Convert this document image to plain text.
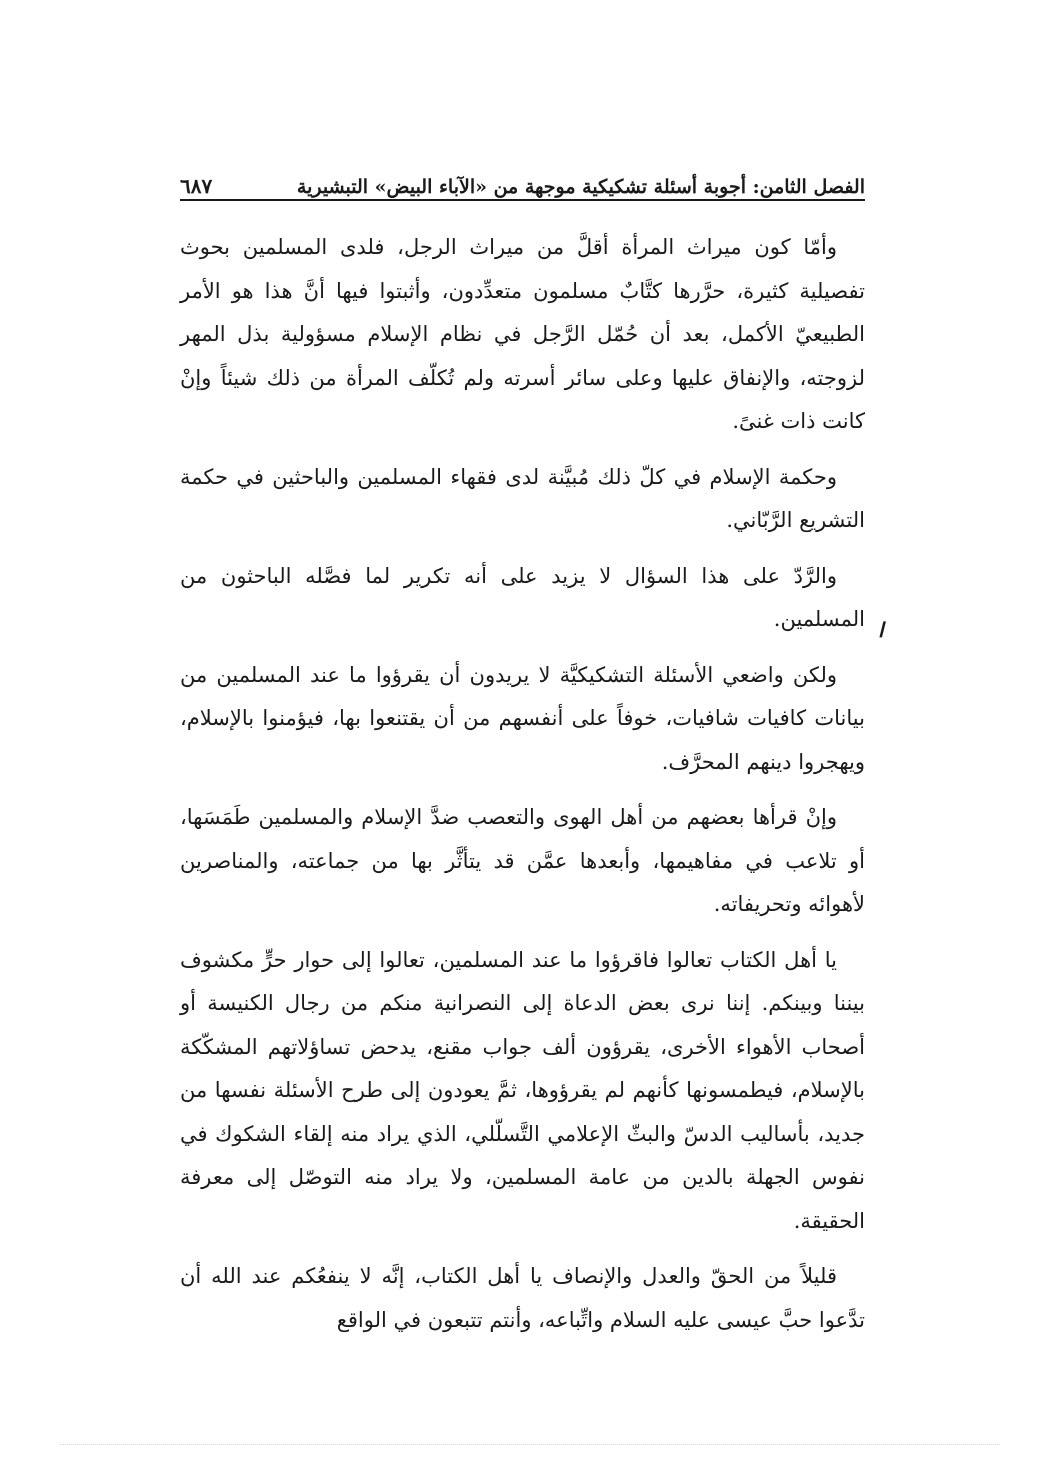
الفصل الثامن: أجوبة أسئلة تشكيكية موجهة من «الآباء البيض» التبشيرية
٦٨٧
ا

وأمّا كون ميراث المرأة أقلَّ من ميراث الرجل، فلدى المسلمين بحوث تفصيلية كثيرة، حرَّرها كتَّابٌ مسلمون متعدِّدون، وأثبتوا فيها أنَّ هذا هو الأمر الطبيعيّ الأكمل، بعد أن حُمّل الرَّجل في نظام الإسلام مسؤولية بذل المهر لزوجته، والإنفاق عليها وعلى سائر أسرته ولم تُكلّف المرأة من ذلك شيئاً وإنْ كانت ذات غنىً.

وحكمة الإسلام في كلّ ذلك مُبيَّنة لدى فقهاء المسلمين والباحثين في حكمة التشريع الرَّبّاني.

والرَّدّ على هذا السؤال لا يزيد على أنه تكرير لما فصَّله الباحثون من المسلمين.

ولكن واضعي الأسئلة التشكيكيَّة لا يريدون أن يقرؤوا ما عند المسلمين من بيانات كافيات شافيات، خوفاً على أنفسهم من أن يقتنعوا بها، فيؤمنوا بالإسلام، ويهجروا دينهم المحرَّف.

وإنْ قرأها بعضهم من أهل الهوى والتعصب ضدَّ الإسلام والمسلمين طَمَسَها، أو تلاعب في مفاهيمها، وأبعدها عمَّن قد يتأثَّر بها من جماعته، والمناصرين لأهوائه وتحريفاته.

يا أهل الكتاب تعالوا فاقرؤوا ما عند المسلمين، تعالوا إلى حوار حرٍّ مكشوف بيننا وبينكم. إننا نرى بعض الدعاة إلى النصرانية منكم من رجال الكنيسة أو أصحاب الأهواء الأخرى، يقرؤون ألف جواب مقنع، يدحض تساؤلاتهم المشكّكة بالإسلام، فيطمسونها كأنهم لم يقرؤوها، ثمَّ يعودون إلى طرح الأسئلة نفسها من جديد، بأساليب الدسّ والبثّ الإعلامي التَّسلّلي، الذي يراد منه إلقاء الشكوك في نفوس الجهلة بالدين من عامة المسلمين، ولا يراد منه التوصّل إلى معرفة الحقيقة.

قليلاً من الحقّ والعدل والإنصاف يا أهل الكتاب، إنَّه لا ينفعُكم عند الله أن تدَّعوا حبَّ عيسى عليه السلام واتِّباعه، وأنتم تتبعون في الواقع
